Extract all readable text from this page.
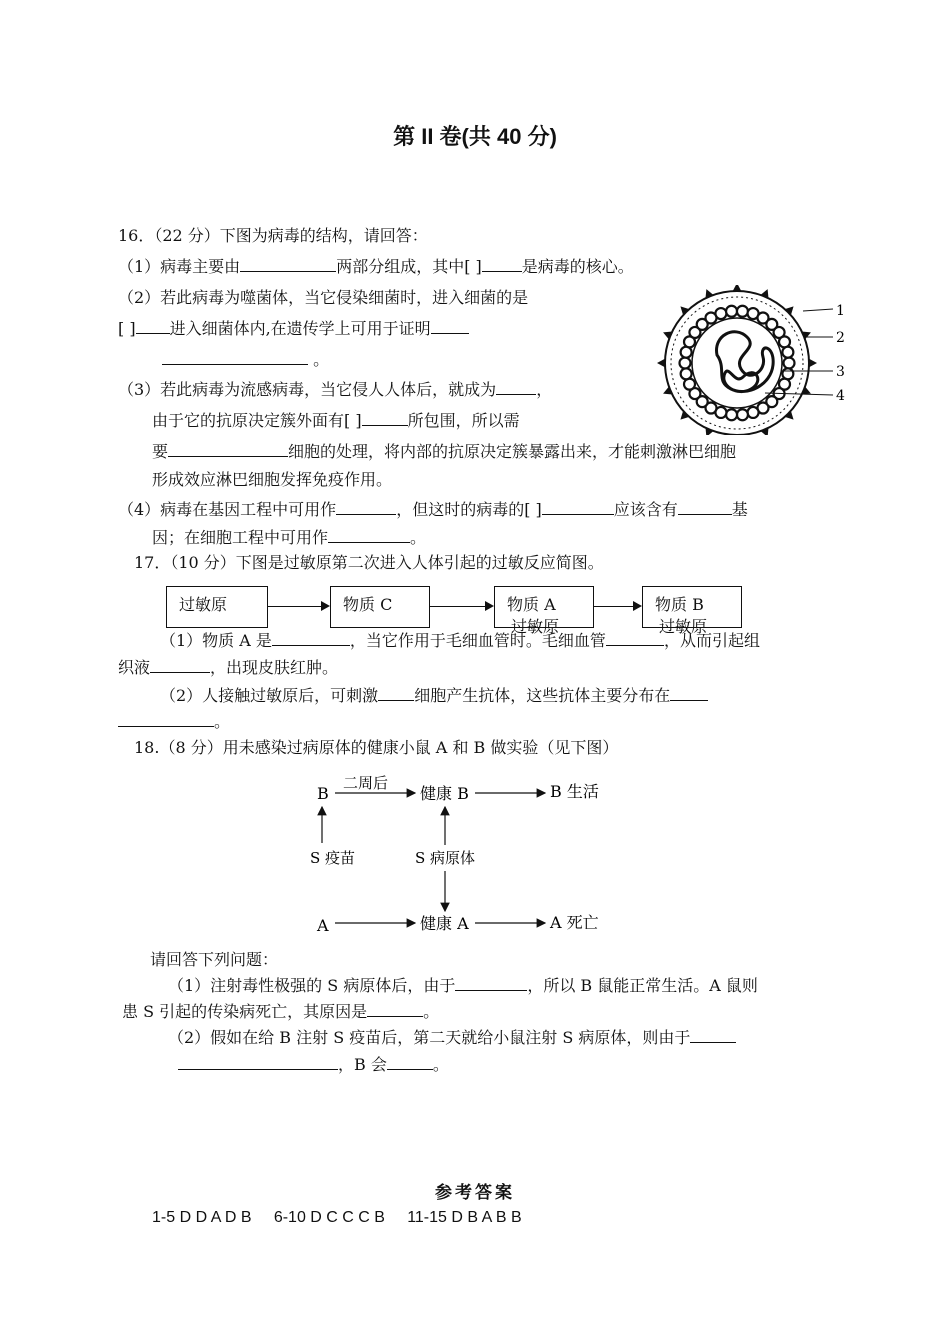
第 II 卷(共 40 分)
16．（22 分）下图为病毒的结构，请回答：
（1）病毒主要由	两部分组成，其中[ ]	是病毒的核心。
（2）若此病毒为噬菌体，当它侵染细菌时，进入细菌的是
[ ] 进入细菌体内,在遗传学上可用于证明
。
（3）若此病毒为流感病毒，当它侵人人体后，就成为	，
由于它的抗原决定簇外面有[ ]	所包围，所以需
要	细胞的处理，将内部的抗原决定簇暴露出来，才能刺激淋巴细胞
形成效应淋巴细胞发挥免疫作用。
（4）病毒在基因工程中可用作	，但这时的病毒的[ ]	应该含有	基
因；在细胞工程中可用作	。
1
2
3
4
17．（10 分）下图是过敏原第二次进入人体引起的过敏反应简图。
过敏原	物质 C	物质 A
过敏原
物质 B
过敏原
（1）物质 A 是	，当它作用于毛细血管时。毛细血管	，从而引起组
织液	，出现皮肤红肿。
（2）人接触过敏原后，可刺激 细胞产生抗体，这些抗体主要分布在
。
18.（8 分）用未感染过病原体的健康小鼠 A 和 B 做实验（见下图）
B
二周后
健康 B	B 生活
S 疫苗	S 病原体
A	健康 A	A 死亡
请回答下列问题：
（1）注射毒性极强的 S 病原体后，由于	，所以 B 鼠能正常生活。A 鼠则
患 S 引起的传染病死亡，其原因是	。
（2）假如在给 B 注射 S 疫苗后，第二天就给小鼠注射 S 病原体，则由于
，B 会	。
参考答案
1-5 D D A D B     6-10 D C C C B     11-15 D B A B B
